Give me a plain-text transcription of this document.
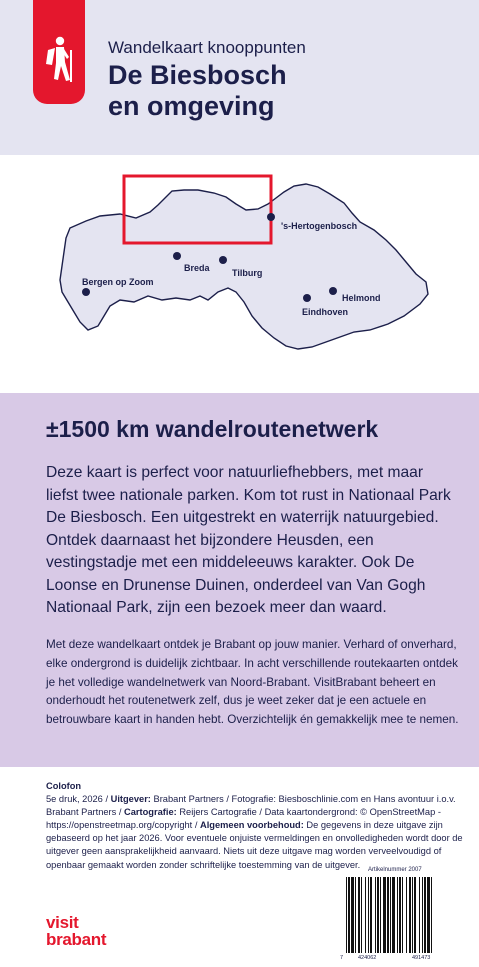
Wandelkaart knooppunten
De Biesbosch
en omgeving
's-Hertogenbosch
Breda Tilburg
Bergen op Zoom
Helmond
Eindhoven
±1500 km wandelroutenetwerk
Deze kaart is perfect voor natuurliefhebbers, met maar liefst twee nationale parken. Kom tot rust in Nationaal Park De Biesbosch. Een uitgestrekt en waterrijk natuurgebied. Ontdek daarnaast het bijzondere Heusden, een vestingstadje met een middeleeuws karakter. Ook De Loonse en Drunense Duinen, onderdeel van Van Gogh Nationaal Park, zijn een bezoek meer dan waard.
Met deze wandelkaart ontdek je Brabant op jouw manier. Verhard of onverhard, elke ondergrond is duidelijk zichtbaar. In acht verschillende routekaarten ontdek je het volledige wandelnetwerk van Noord-Brabant. VisitBrabant beheert en onderhoudt het routenetwerk zelf, dus je weet zeker dat je een actuele en betrouwbare kaart in handen hebt. Overzichtelijk én gemakkelijk mee te nemen.
Colofon
5e druk, 2026 / Uitgever: Brabant Partners / Fotografie: Biesboschlinie.com en Hans avontuur i.o.v. Brabant Partners / Cartografie: Reijers Cartografie / Data kaartondergrond: © OpenStreetMap - https://openstreetmap.org/copyright / Algemeen voorbehoud: De gegevens in deze uitgave zijn gebaseerd op het jaar 2026. Voor eventuele onjuiste vermeldingen en onvolledigheden wordt door de uitgever geen aansprakelijkheid aanvaard. Niets uit deze uitgave mag worden verveelvoudigd of openbaar gemaakt worden zonder schriftelijke toestemming van de uitgever.
visit
brabant
Artikelnummer 2007
7	424062	491473
